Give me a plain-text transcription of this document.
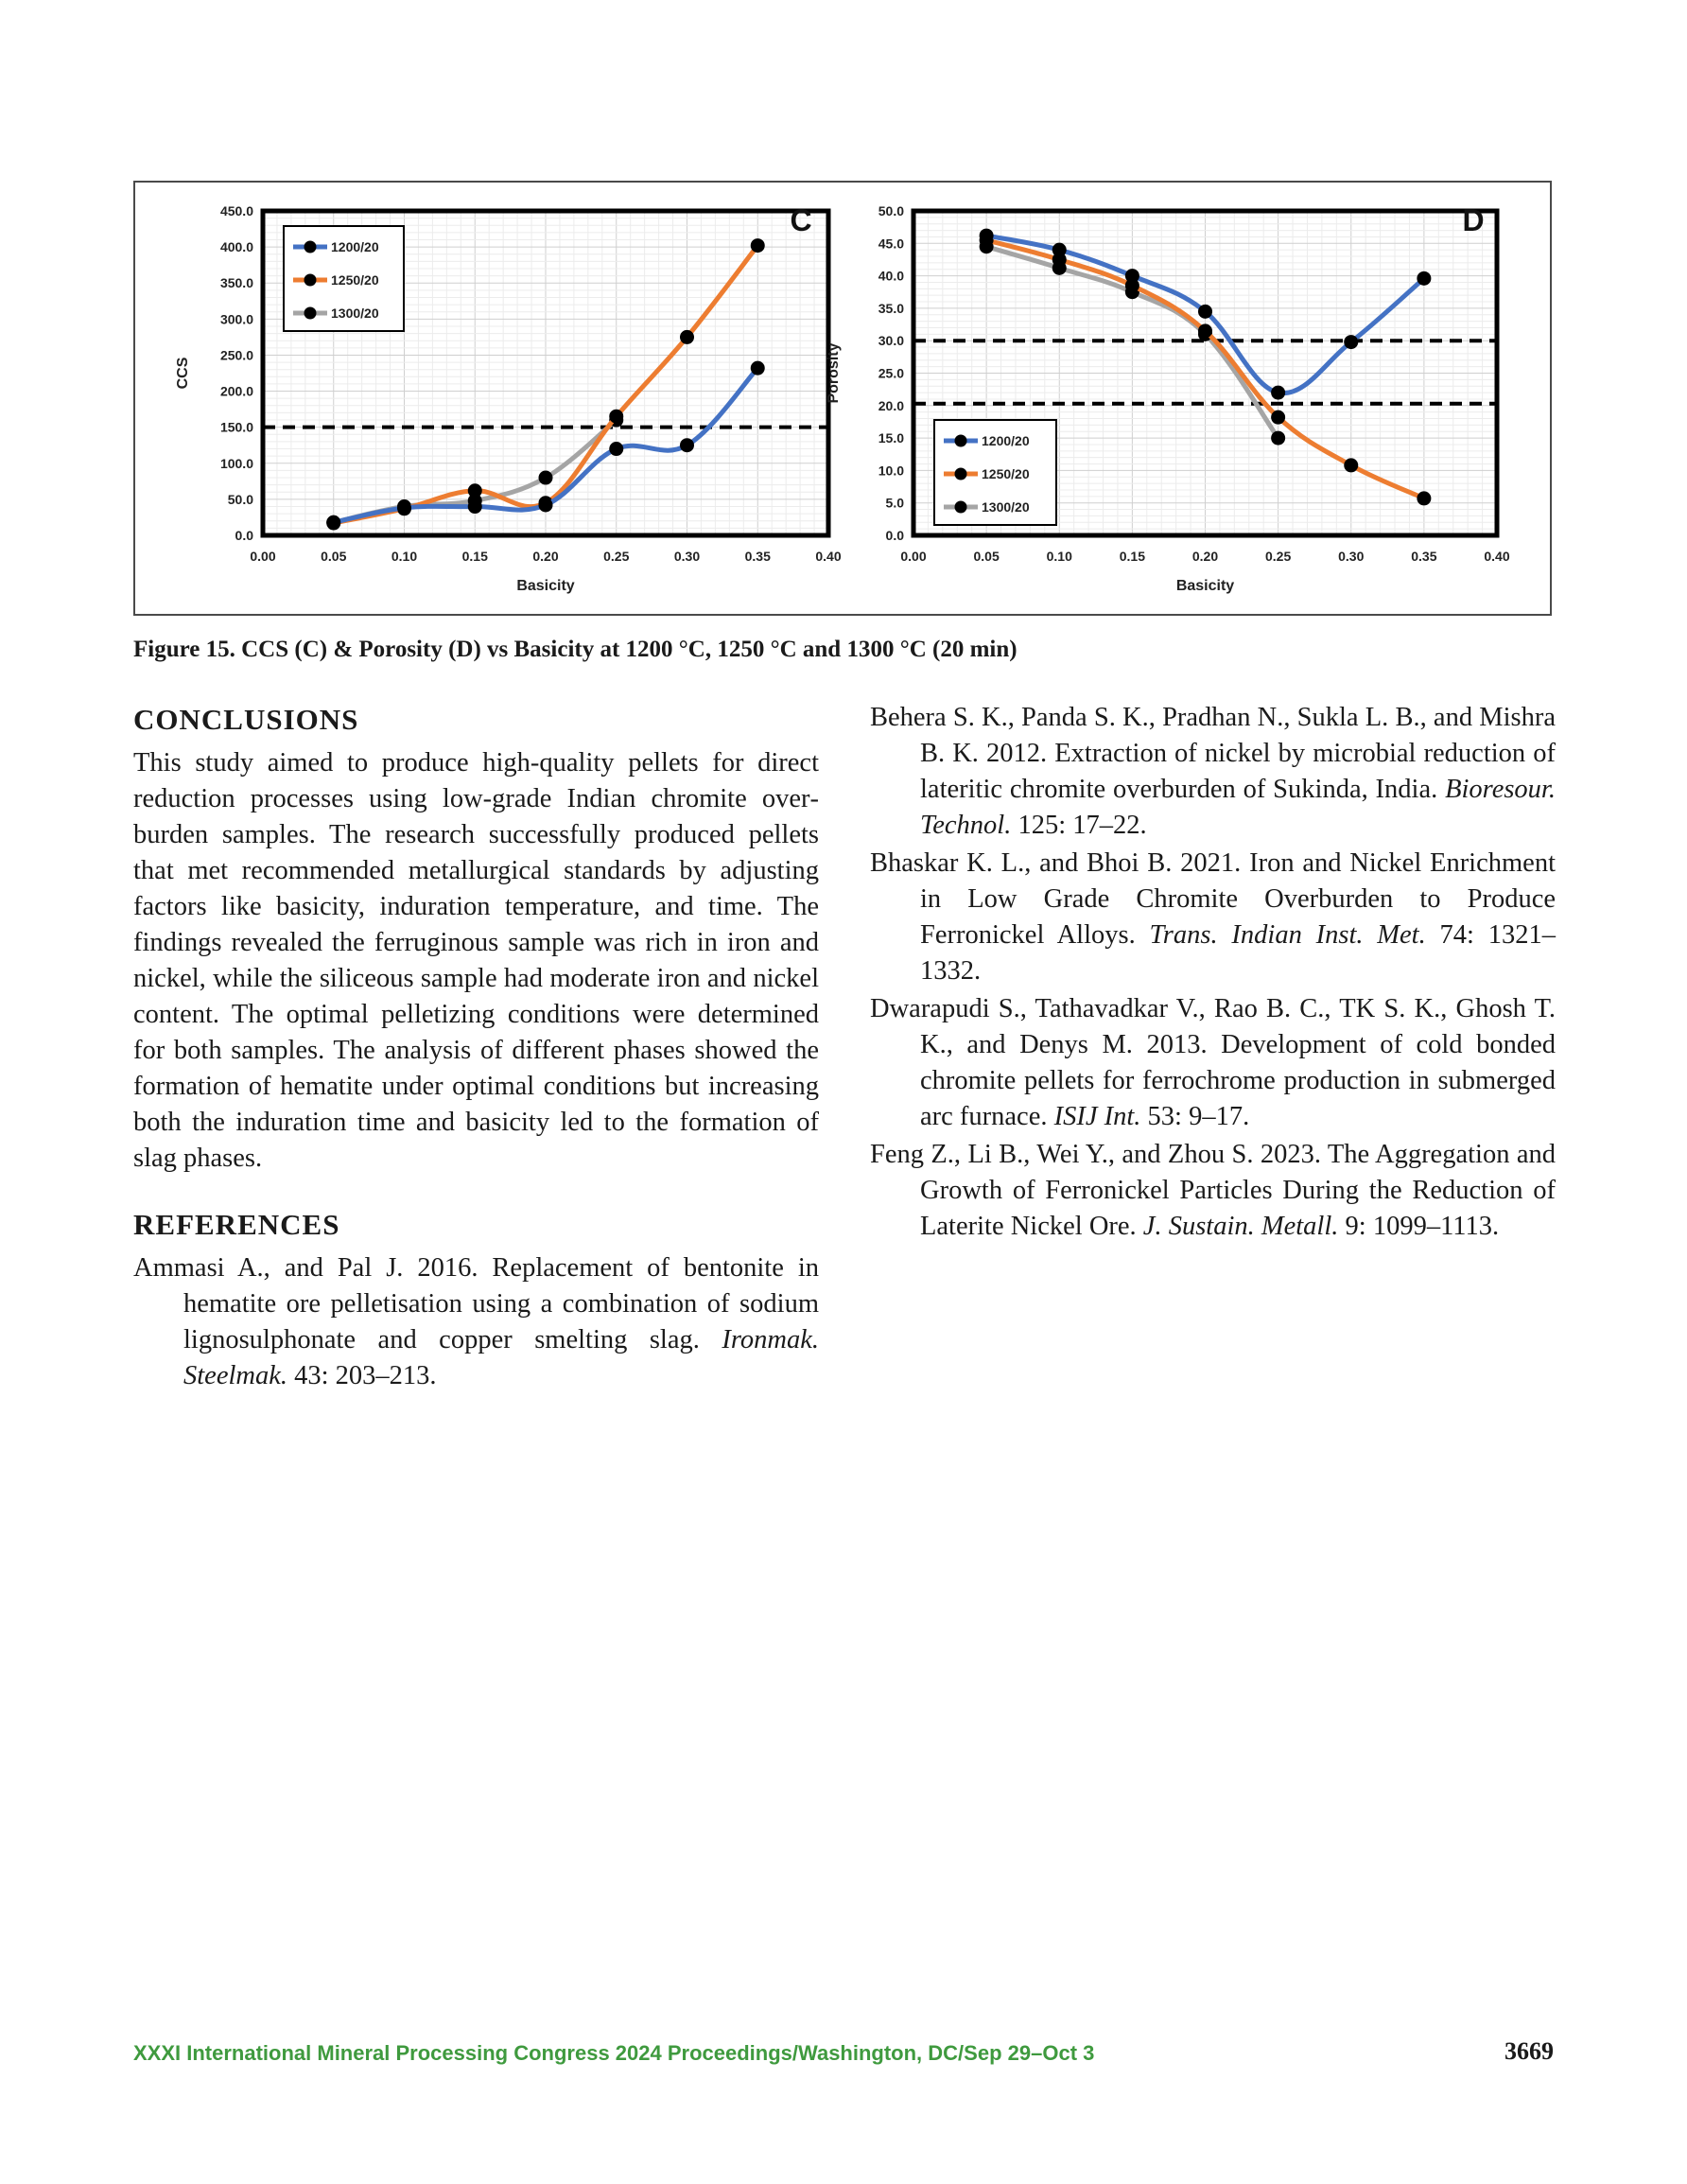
0.00	0.05	0.10	0.15	0.20	0.25	0.30	0.35	0.40
0.0
50.0
100.0
150.0
200.0
250.0
300.0
350.0
400.0
450.0
Basicity
CCS
C
1200/20
1250/20
1300/20
0.00	0.05	0.10	0.15	0.20	0.25	0.30	0.35	0.40
0.0
5.0
10.0
15.0
20.0
25.0
30.0
35.0
40.0
45.0
50.0
Basicity
Porosity
D
1200/20
1250/20
1300/20
Figure 15. CCS (C) & Porosity (D) vs Basicity at 1200 °C, 1250 °C and 1300 °C (20 min)
CONCLUSIONS

This study aimed to produce high-quality pellets for direct reduction processes using low-grade Indian chromite overburden samples. The research successfully produced pellets that met recommended metallurgical standards by adjusting factors like basicity, induration temperature, and time. The findings revealed the ferruginous sample was rich in iron and nickel, while the siliceous sample had moderate iron and nickel content. The optimal pelletizing conditions were determined for both samples. The analysis of different phases showed the formation of hematite under optimal conditions but increasing both the induration time and basicity led to the formation of slag phases.

REFERENCES

Ammasi A., and Pal J. 2016. Replacement of bentonite in hematite ore pelletisation using a combination of sodium lignosulphonate and copper smelting slag. Ironmak. Steelmak. 43: 203–213.

Behera S. K., Panda S. K., Pradhan N., Sukla L. B., and Mishra B. K. 2012. Extraction of nickel by microbial reduction of lateritic chromite overburden of Sukinda, India. Bioresour. Technol. 125: 17–22.

Bhaskar K. L., and Bhoi B. 2021. Iron and Nickel Enrichment in Low Grade Chromite Overburden to Produce Ferronickel Alloys. Trans. Indian Inst. Met. 74: 1321–1332.

Dwarapudi S., Tathavadkar V., Rao B. C., TK S. K., Ghosh T. K., and Denys M. 2013. Development of cold bonded chromite pellets for ferrochrome production in submerged arc furnace. ISIJ Int. 53: 9–17.

Feng Z., Li B., Wei Y., and Zhou S. 2023. The Aggregation and Growth of Ferronickel Particles During the Reduction of Laterite Nickel Ore. J. Sustain. Metall. 9: 1099–1113.

XXXI International Mineral Processing Congress 2024 Proceedings/Washington, DC/Sep 29–Oct 3	3669
